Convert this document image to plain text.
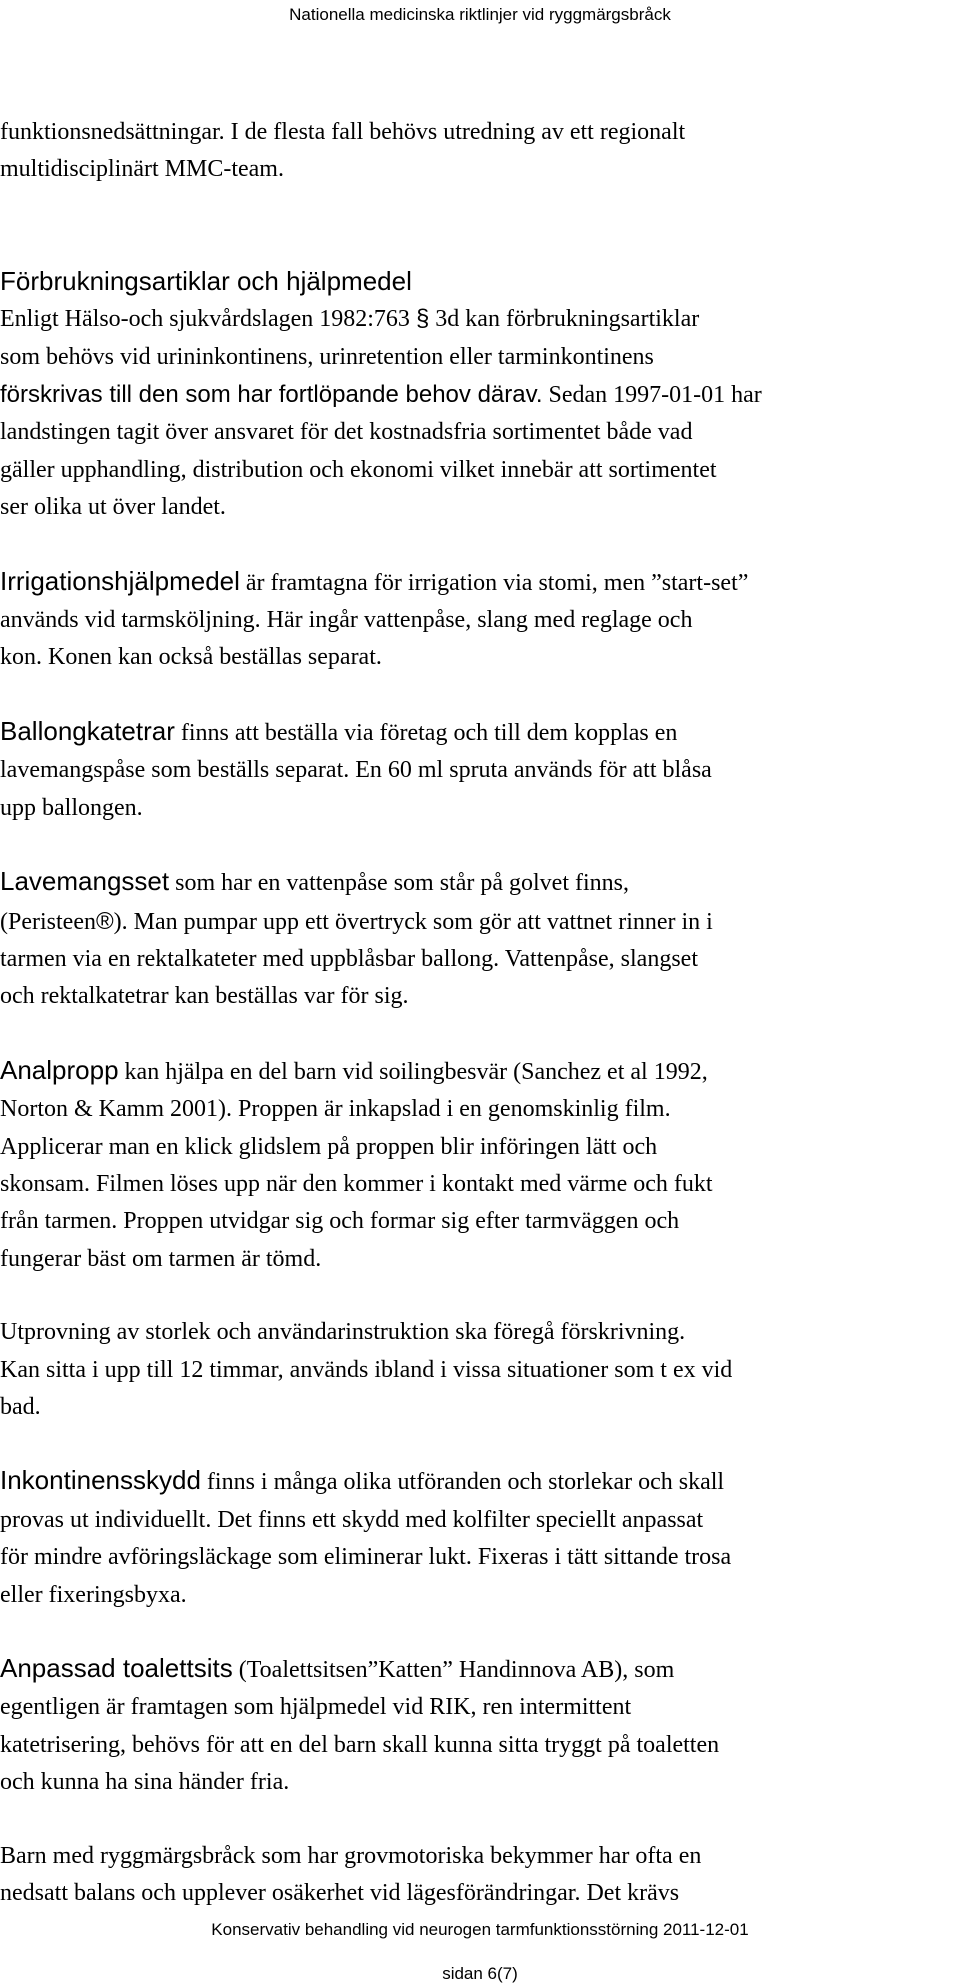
Nationella medicinska riktlinjer vid ryggmärgsbråck

funktionsnedsättningar. I de flesta fall behövs utredning av ett regionalt
multidisciplinärt MMC-team.

Förbrukningsartiklar och hjälpmedel
Enligt Hälso-och sjukvårdslagen 1982:763 § 3d kan förbrukningsartiklar
som behövs vid urininkontinens, urinretention eller tarminkontinens
förskrivas till den som har fortlöpande behov därav. Sedan 1997-01-01 har
landstingen tagit över ansvaret för det kostnadsfria sortimentet både vad
gäller upphandling, distribution och ekonomi vilket innebär att sortimentet
ser olika ut över landet.

Irrigationshjälpmedel är framtagna för irrigation via stomi, men ”start-set”
används vid tarmsköljning. Här ingår vattenpåse, slang med reglage och
kon. Konen kan också beställas separat.

Ballongkatetrar finns att beställa via företag och till dem kopplas en
lavemangspåse som beställs separat. En 60 ml spruta används för att blåsa
upp ballongen.

Lavemangsset som har en vattenpåse som står på golvet finns,
(Peristeen®). Man pumpar upp ett övertryck som gör att vattnet rinner in i
tarmen via en rektalkateter med uppblåsbar ballong. Vattenpåse, slangset
och rektalkatetrar kan beställas var för sig.

Analpropp kan hjälpa en del barn vid soilingbesvär (Sanchez et al 1992,
Norton & Kamm 2001). Proppen är inkapslad i en genomskinlig film.
Applicerar man en klick glidslem på proppen blir införingen lätt och
skonsam. Filmen löses upp när den kommer i kontakt med värme och fukt
från tarmen. Proppen utvidgar sig och formar sig efter tarmväggen och
fungerar bäst om tarmen är tömd.

Utprovning av storlek och användarinstruktion ska föregå förskrivning.
Kan sitta i upp till 12 timmar, används ibland i vissa situationer som t ex vid
bad.

Inkontinensskydd finns i många olika utföranden och storlekar och skall
provas ut individuellt. Det finns ett skydd med kolfilter speciellt anpassat
för mindre avföringsläckage som eliminerar lukt. Fixeras i tätt sittande trosa
eller fixeringsbyxa.

Anpassad toalettsits (Toalettsitsen”Katten” Handinnova AB), som
egentligen är framtagen som hjälpmedel vid RIK, ren intermittent
katetrisering, behövs för att en del barn skall kunna sitta tryggt på toaletten
och kunna ha sina händer fria.

Barn med ryggmärgsbråck som har grovmotoriska bekymmer har ofta en
nedsatt balans och upplever osäkerhet vid lägesförändringar. Det krävs

Konservativ behandling vid neurogen tarmfunktionsstörning 2011-12-01
sidan 6(7)
